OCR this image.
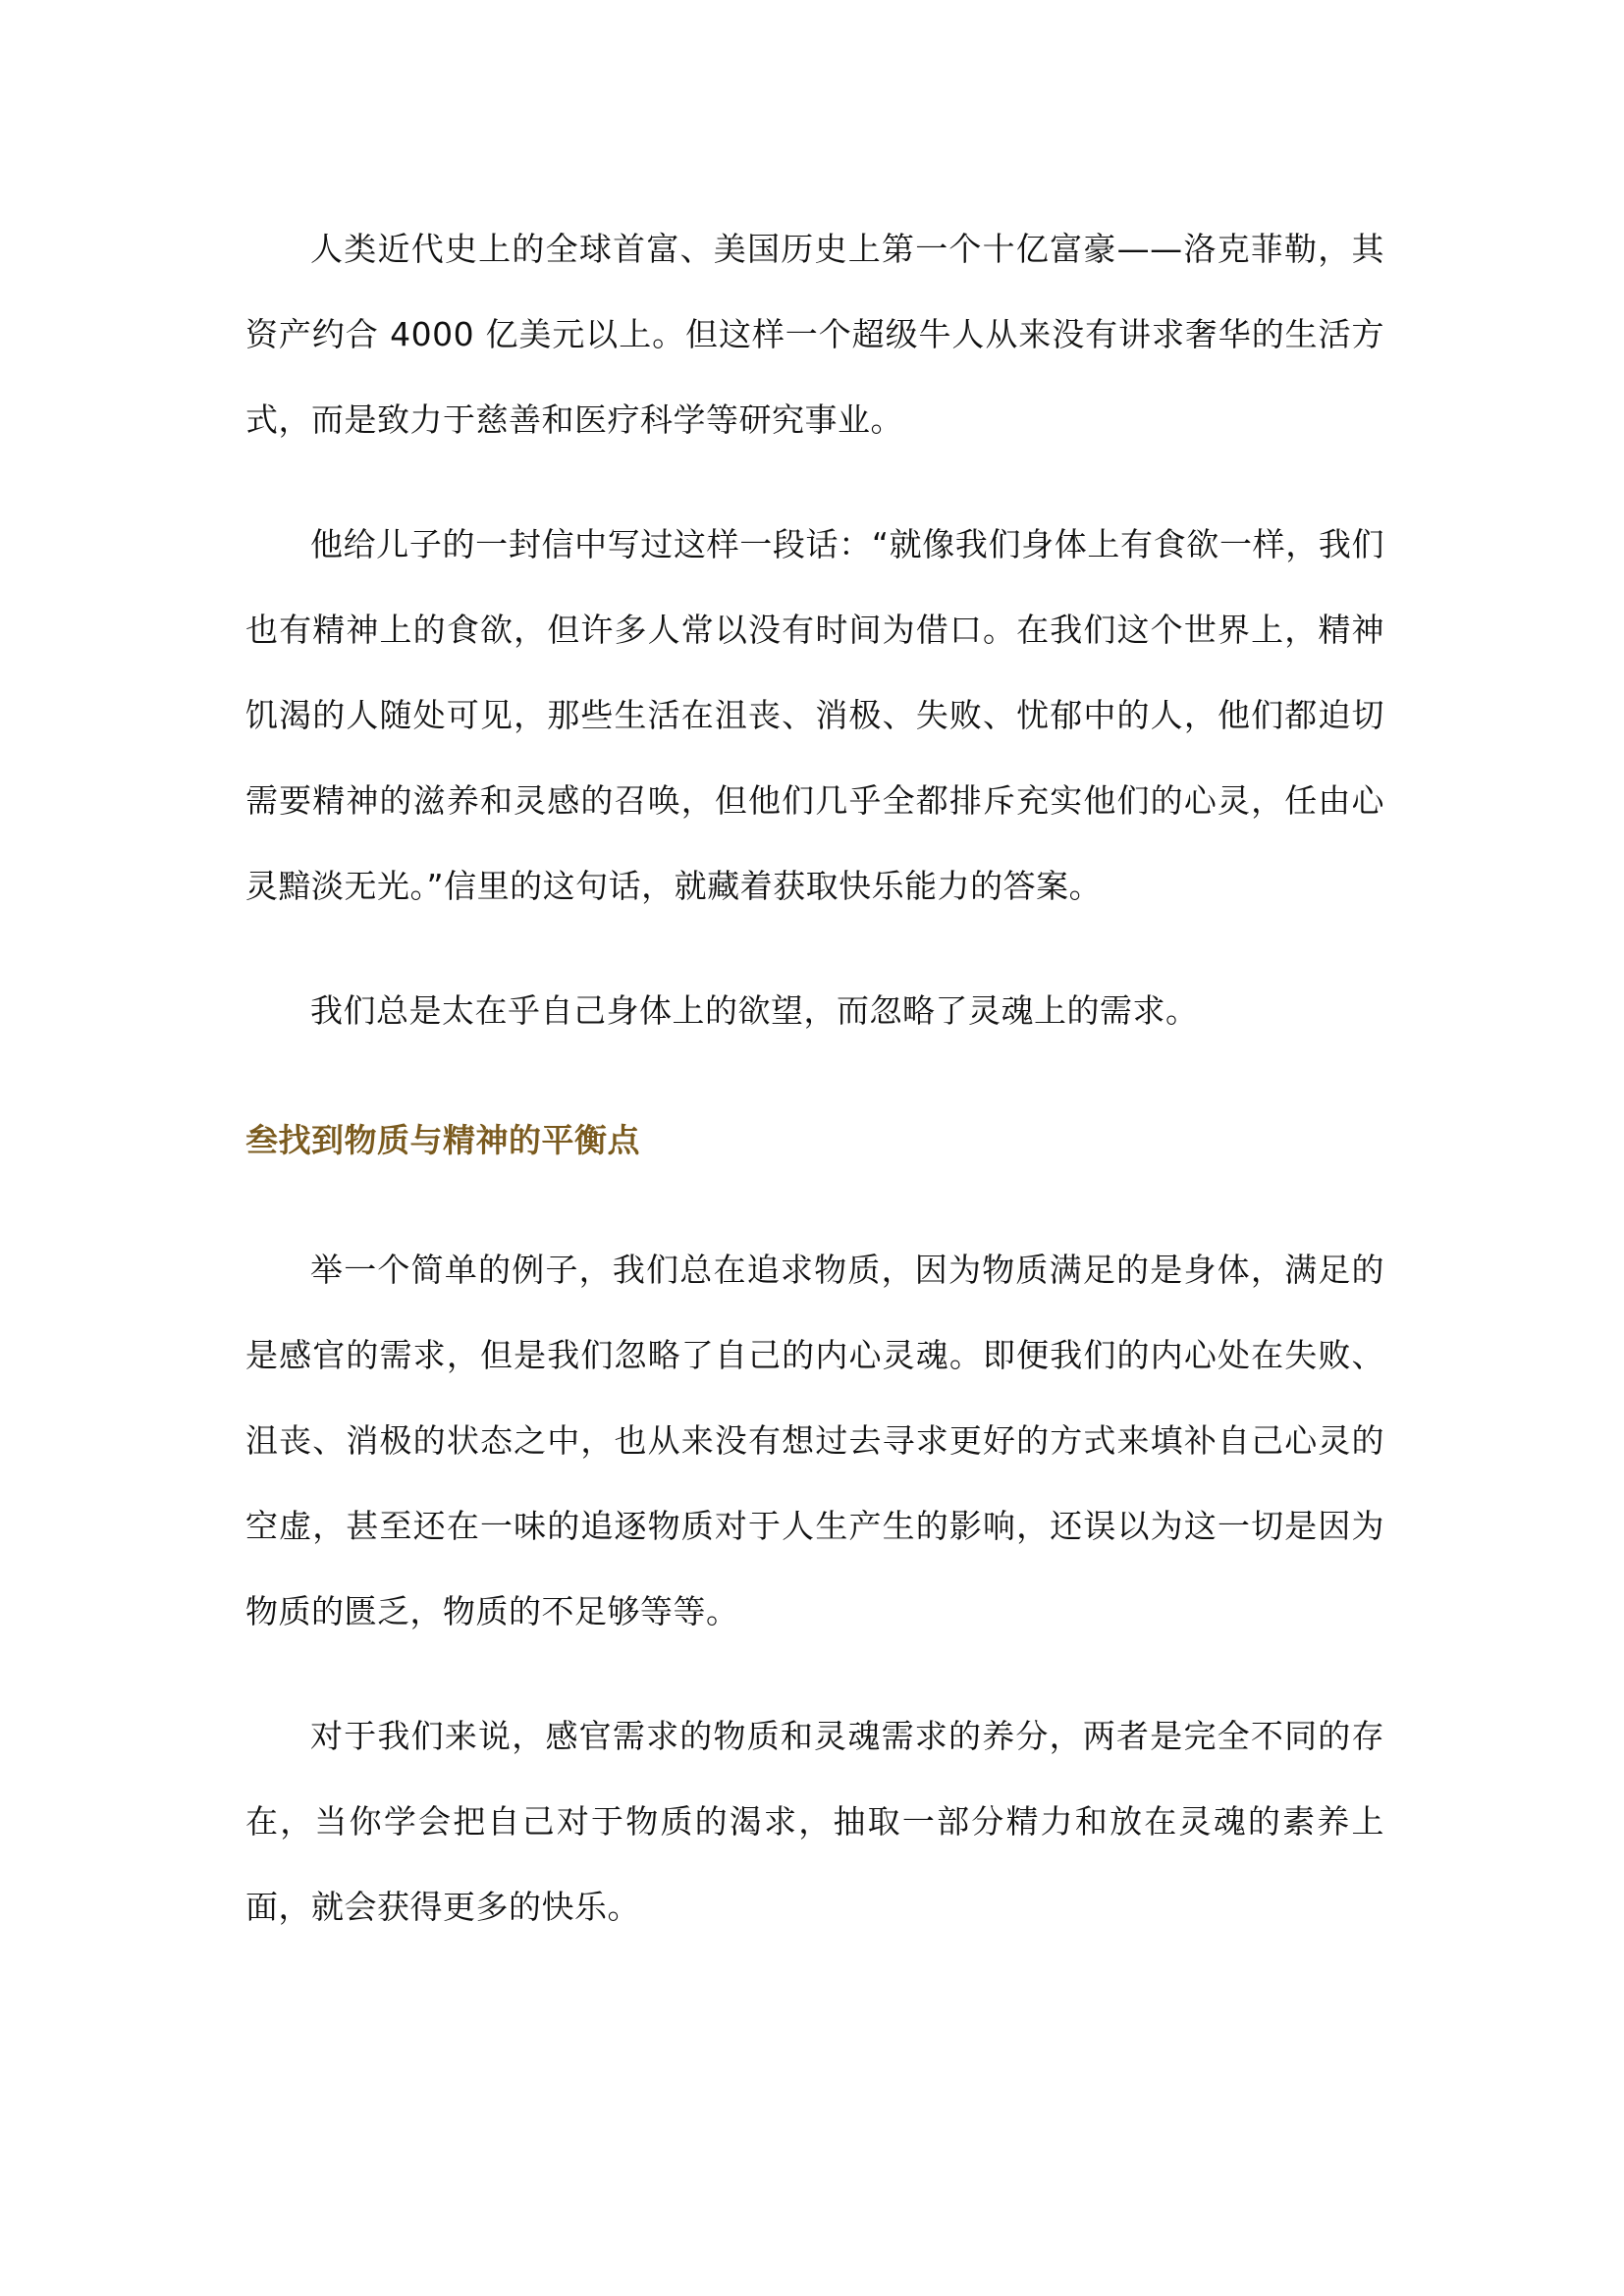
人类近代史上的全球首富、美国历史上第一个十亿富豪——洛克菲勒，其资产约合 4000 亿美元以上。但这样一个超级牛人从来没有讲求奢华的生活方式，而是致力于慈善和医疗科学等研究事业。

他给儿子的一封信中写过这样一段话：“就像我们身体上有食欲一样，我们也有精神上的食欲，但许多人常以没有时间为借口。在我们这个世界上，精神饥渴的人随处可见，那些生活在沮丧、消极、失败、忧郁中的人，他们都迫切需要精神的滋养和灵感的召唤，但他们几乎全都排斥充实他们的心灵，任由心灵黯淡无光。”信里的这句话，就藏着获取快乐能力的答案。

我们总是太在乎自己身体上的欲望，而忽略了灵魂上的需求。

叁找到物质与精神的平衡点

举一个简单的例子，我们总在追求物质，因为物质满足的是身体，满足的是感官的需求，但是我们忽略了自己的内心灵魂。即便我们的内心处在失败、沮丧、消极的状态之中，也从来没有想过去寻求更好的方式来填补自己心灵的空虚，甚至还在一味的追逐物质对于人生产生的影响，还误以为这一切是因为物质的匮乏，物质的不足够等等。

对于我们来说，感官需求的物质和灵魂需求的养分，两者是完全不同的存在，当你学会把自己对于物质的渴求，抽取一部分精力和放在灵魂的素养上面，就会获得更多的快乐。
